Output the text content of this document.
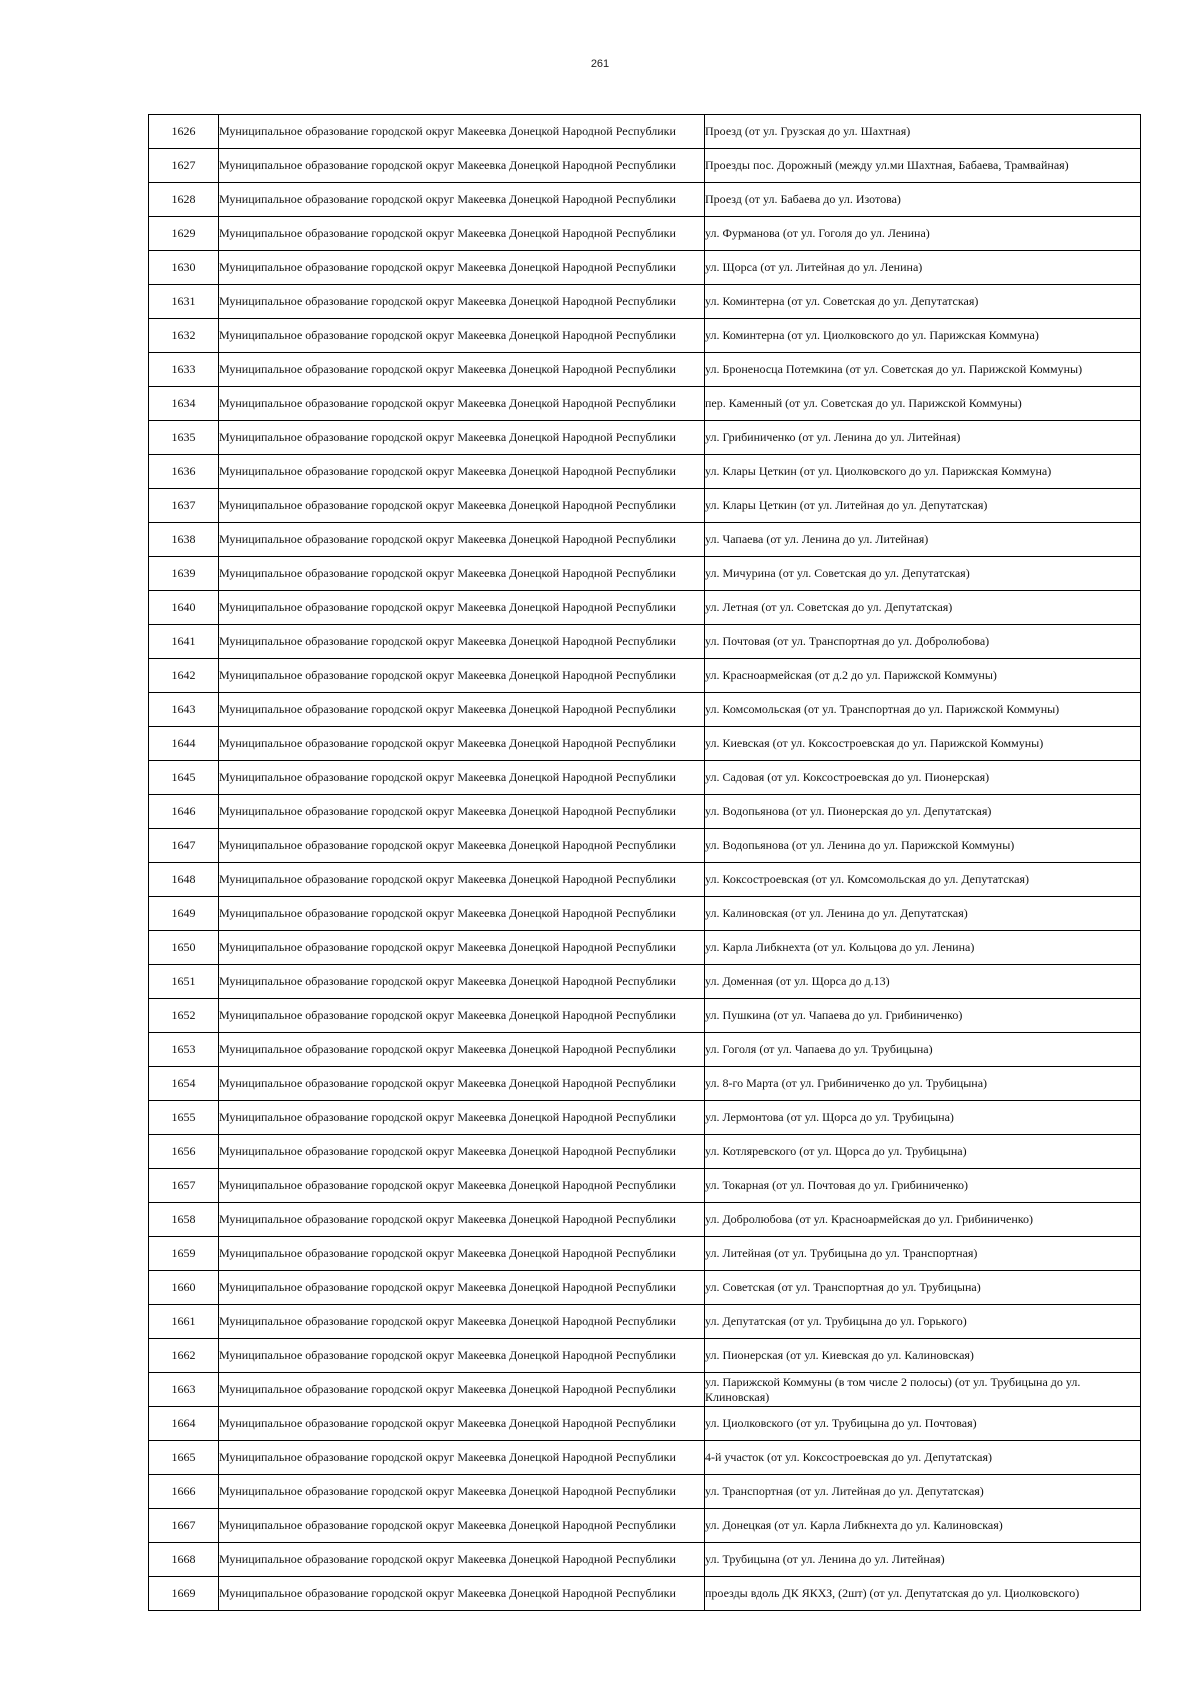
261
1626	Муниципальное образование городской округ Макеевка Донецкой Народной Республики	Проезд (от ул. Грузская до ул. Шахтная)
1627	Муниципальное образование городской округ Макеевка Донецкой Народной Республики	Проезды пос. Дорожный (между ул.ми Шахтная, Бабаева, Трамвайная)
1628	Муниципальное образование городской округ Макеевка Донецкой Народной Республики	Проезд (от ул. Бабаева до ул. Изотова)
1629	Муниципальное образование городской округ Макеевка Донецкой Народной Республики	ул. Фурманова (от ул. Гоголя до ул. Ленина)
1630	Муниципальное образование городской округ Макеевка Донецкой Народной Республики	ул. Щорса (от ул. Литейная до ул. Ленина)
1631	Муниципальное образование городской округ Макеевка Донецкой Народной Республики	ул. Коминтерна (от ул. Советская до ул. Депутатская)
1632	Муниципальное образование городской округ Макеевка Донецкой Народной Республики	ул. Коминтерна (от ул. Циолковского до ул. Парижская Коммуна)
1633	Муниципальное образование городской округ Макеевка Донецкой Народной Республики	ул. Броненосца Потемкина (от ул. Советская до ул. Парижской Коммуны)
1634	Муниципальное образование городской округ Макеевка Донецкой Народной Республики	пер. Каменный (от ул. Советская до ул. Парижской Коммуны)
1635	Муниципальное образование городской округ Макеевка Донецкой Народной Республики	ул. Грибиниченко (от ул. Ленина до ул. Литейная)
1636	Муниципальное образование городской округ Макеевка Донецкой Народной Республики	ул. Клары Цеткин (от ул. Циолковского до ул. Парижская Коммуна)
1637	Муниципальное образование городской округ Макеевка Донецкой Народной Республики	ул. Клары Цеткин (от ул. Литейная до ул. Депутатская)
1638	Муниципальное образование городской округ Макеевка Донецкой Народной Республики	ул. Чапаева (от ул. Ленина до ул. Литейная)
1639	Муниципальное образование городской округ Макеевка Донецкой Народной Республики	ул. Мичурина (от ул. Советская до ул. Депутатская)
1640	Муниципальное образование городской округ Макеевка Донецкой Народной Республики	ул. Летная (от ул. Советская до ул. Депутатская)
1641	Муниципальное образование городской округ Макеевка Донецкой Народной Республики	ул. Почтовая (от ул. Транспортная до ул. Добролюбова)
1642	Муниципальное образование городской округ Макеевка Донецкой Народной Республики	ул. Красноармейская (от д.2 до ул. Парижской Коммуны)
1643	Муниципальное образование городской округ Макеевка Донецкой Народной Республики	ул. Комсомольская (от ул. Транспортная до ул. Парижской Коммуны)
1644	Муниципальное образование городской округ Макеевка Донецкой Народной Республики	ул. Киевская (от ул. Коксостроевская до ул. Парижской Коммуны)
1645	Муниципальное образование городской округ Макеевка Донецкой Народной Республики	ул. Садовая (от ул. Коксостроевская до ул. Пионерская)
1646	Муниципальное образование городской округ Макеевка Донецкой Народной Республики	ул. Водопьянова (от ул. Пионерская до ул. Депутатская)
1647	Муниципальное образование городской округ Макеевка Донецкой Народной Республики	ул. Водопьянова (от ул. Ленина до ул. Парижской Коммуны)
1648	Муниципальное образование городской округ Макеевка Донецкой Народной Республики	ул. Коксостроевская (от ул. Комсомольская до ул. Депутатская)
1649	Муниципальное образование городской округ Макеевка Донецкой Народной Республики	ул. Калиновская (от ул. Ленина до ул. Депутатская)
1650	Муниципальное образование городской округ Макеевка Донецкой Народной Республики	ул. Карла Либкнехта (от ул. Кольцова до ул. Ленина)
1651	Муниципальное образование городской округ Макеевка Донецкой Народной Республики	ул. Доменная (от ул. Щорса до д.13)
1652	Муниципальное образование городской округ Макеевка Донецкой Народной Республики	ул. Пушкина (от ул. Чапаева до ул. Грибиниченко)
1653	Муниципальное образование городской округ Макеевка Донецкой Народной Республики	ул. Гоголя (от ул. Чапаева до ул. Трубицына)
1654	Муниципальное образование городской округ Макеевка Донецкой Народной Республики	ул. 8-го Марта (от ул. Грибиниченко до ул. Трубицына)
1655	Муниципальное образование городской округ Макеевка Донецкой Народной Республики	ул. Лермонтова (от ул. Щорса до ул. Трубицына)
1656	Муниципальное образование городской округ Макеевка Донецкой Народной Республики	ул. Котляревского (от ул. Щорса до ул. Трубицына)
1657	Муниципальное образование городской округ Макеевка Донецкой Народной Республики	ул. Токарная (от ул. Почтовая до ул. Грибиниченко)
1658	Муниципальное образование городской округ Макеевка Донецкой Народной Республики	ул. Добролюбова (от ул. Красноармейская до ул. Грибиниченко)
1659	Муниципальное образование городской округ Макеевка Донецкой Народной Республики	ул. Литейная (от ул. Трубицына до ул. Транспортная)
1660	Муниципальное образование городской округ Макеевка Донецкой Народной Республики	ул. Советская (от ул. Транспортная до ул. Трубицына)
1661	Муниципальное образование городской округ Макеевка Донецкой Народной Республики	ул. Депутатская (от ул. Трубицына до ул. Горького)
1662	Муниципальное образование городской округ Макеевка Донецкой Народной Республики	ул. Пионерская (от ул. Киевская до ул. Калиновская)
1663	Муниципальное образование городской округ Макеевка Донецкой Народной Республики	ул. Парижской Коммуны (в том числе 2 полосы) (от ул. Трубицына до ул. Клиновская)
1664	Муниципальное образование городской округ Макеевка Донецкой Народной Республики	ул. Циолковского (от ул. Трубицына до ул. Почтовая)
1665	Муниципальное образование городской округ Макеевка Донецкой Народной Республики	4-й участок (от ул. Коксостроевская до ул. Депутатская)
1666	Муниципальное образование городской округ Макеевка Донецкой Народной Республики	ул. Транспортная (от ул. Литейная до ул. Депутатская)
1667	Муниципальное образование городской округ Макеевка Донецкой Народной Республики	ул. Донецкая (от ул. Карла Либкнехта до ул. Калиновская)
1668	Муниципальное образование городской округ Макеевка Донецкой Народной Республики	ул. Трубицына (от ул. Ленина до ул. Литейная)
1669	Муниципальное образование городской округ Макеевка Донецкой Народной Республики	проезды вдоль ДК ЯКХЗ, (2шт) (от ул. Депутатская до ул. Циолковского)
